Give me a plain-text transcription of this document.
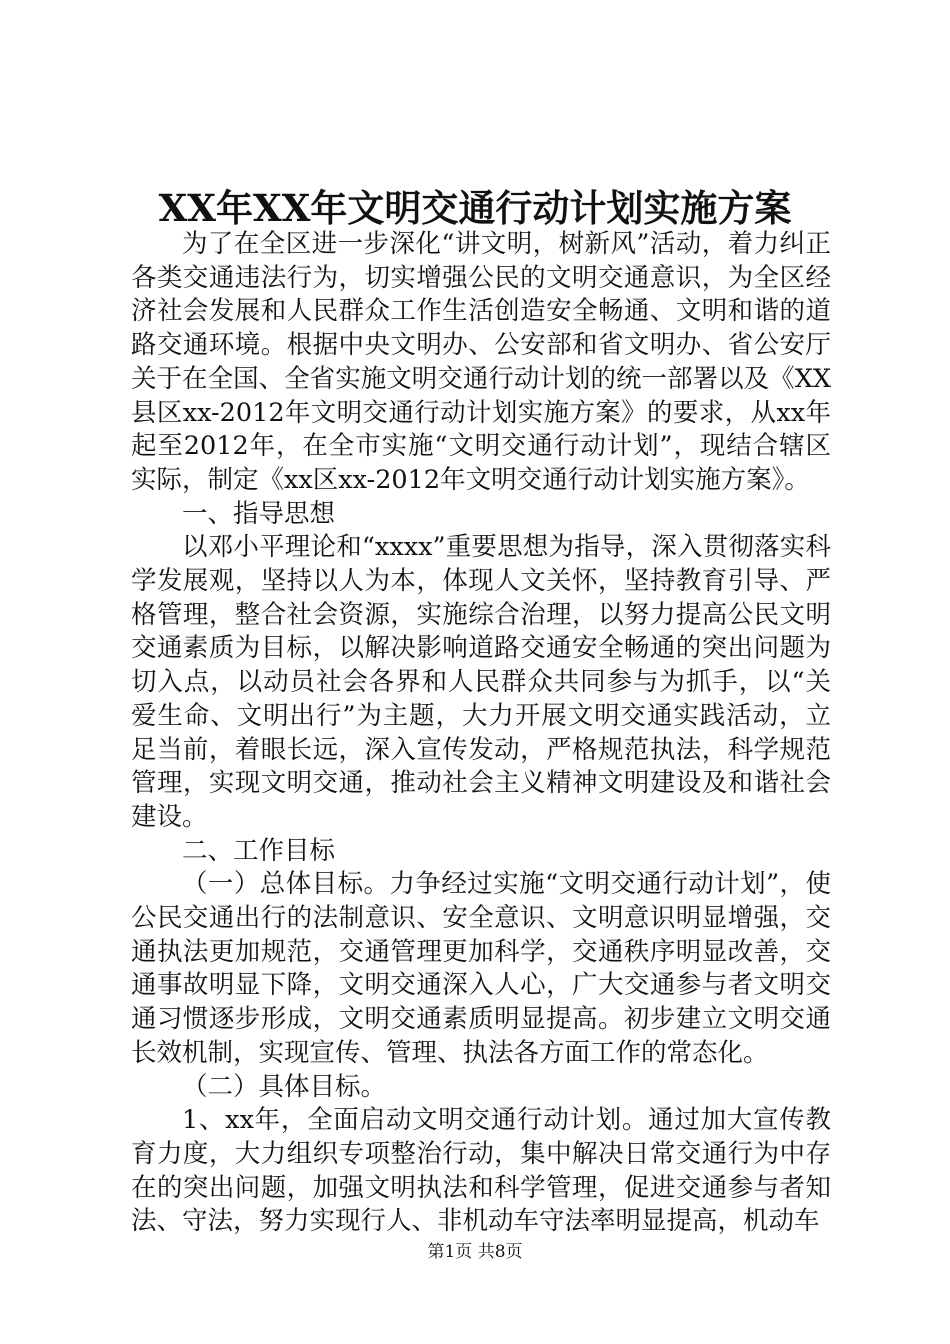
XX年XX年文明交通行动计划实施方案

为了在全区进一步深化“讲文明，树新风”活动，着力纠正各类交通违法行为，切实增强公民的文明交通意识，为全区经济社会发展和人民群众工作生活创造安全畅通、文明和谐的道路交通环境。根据中央文明办、公安部和省文明办、省公安厅关于在全国、全省实施文明交通行动计划的统一部署以及《XX县区xx-2012年文明交通行动计划实施方案》的要求，从xx年起至2012年，在全市实施“文明交通行动计划”，现结合辖区实际，制定《xx区xx-2012年文明交通行动计划实施方案》。

一、指导思想

以邓小平理论和“xxxx”重要思想为指导，深入贯彻落实科学发展观，坚持以人为本，体现人文关怀，坚持教育引导、严格管理，整合社会资源，实施综合治理，以努力提高公民文明交通素质为目标，以解决影响道路交通安全畅通的突出问题为切入点，以动员社会各界和人民群众共同参与为抓手，以“关爱生命、文明出行”为主题，大力开展文明交通实践活动，立足当前，着眼长远，深入宣传发动，严格规范执法，科学规范管理，实现文明交通，推动社会主义精神文明建设及和谐社会建设。

二、工作目标

（一）总体目标。力争经过实施“文明交通行动计划”，使公民交通出行的法制意识、安全意识、文明意识明显增强，交通执法更加规范，交通管理更加科学，交通秩序明显改善，交通事故明显下降，文明交通深入人心，广大交通参与者文明交通习惯逐步形成，文明交通素质明显提高。初步建立文明交通长效机制，实现宣传、管理、执法各方面工作的常态化。

（二）具体目标。

1、xx年，全面启动文明交通行动计划。通过加大宣传教育力度，大力组织专项整治行动，集中解决日常交通行为中存在的突出问题，加强文明执法和科学管理，促进交通参与者知法、守法，努力实现行人、非机动车守法率明显提高，机动车

第1页 共8页
